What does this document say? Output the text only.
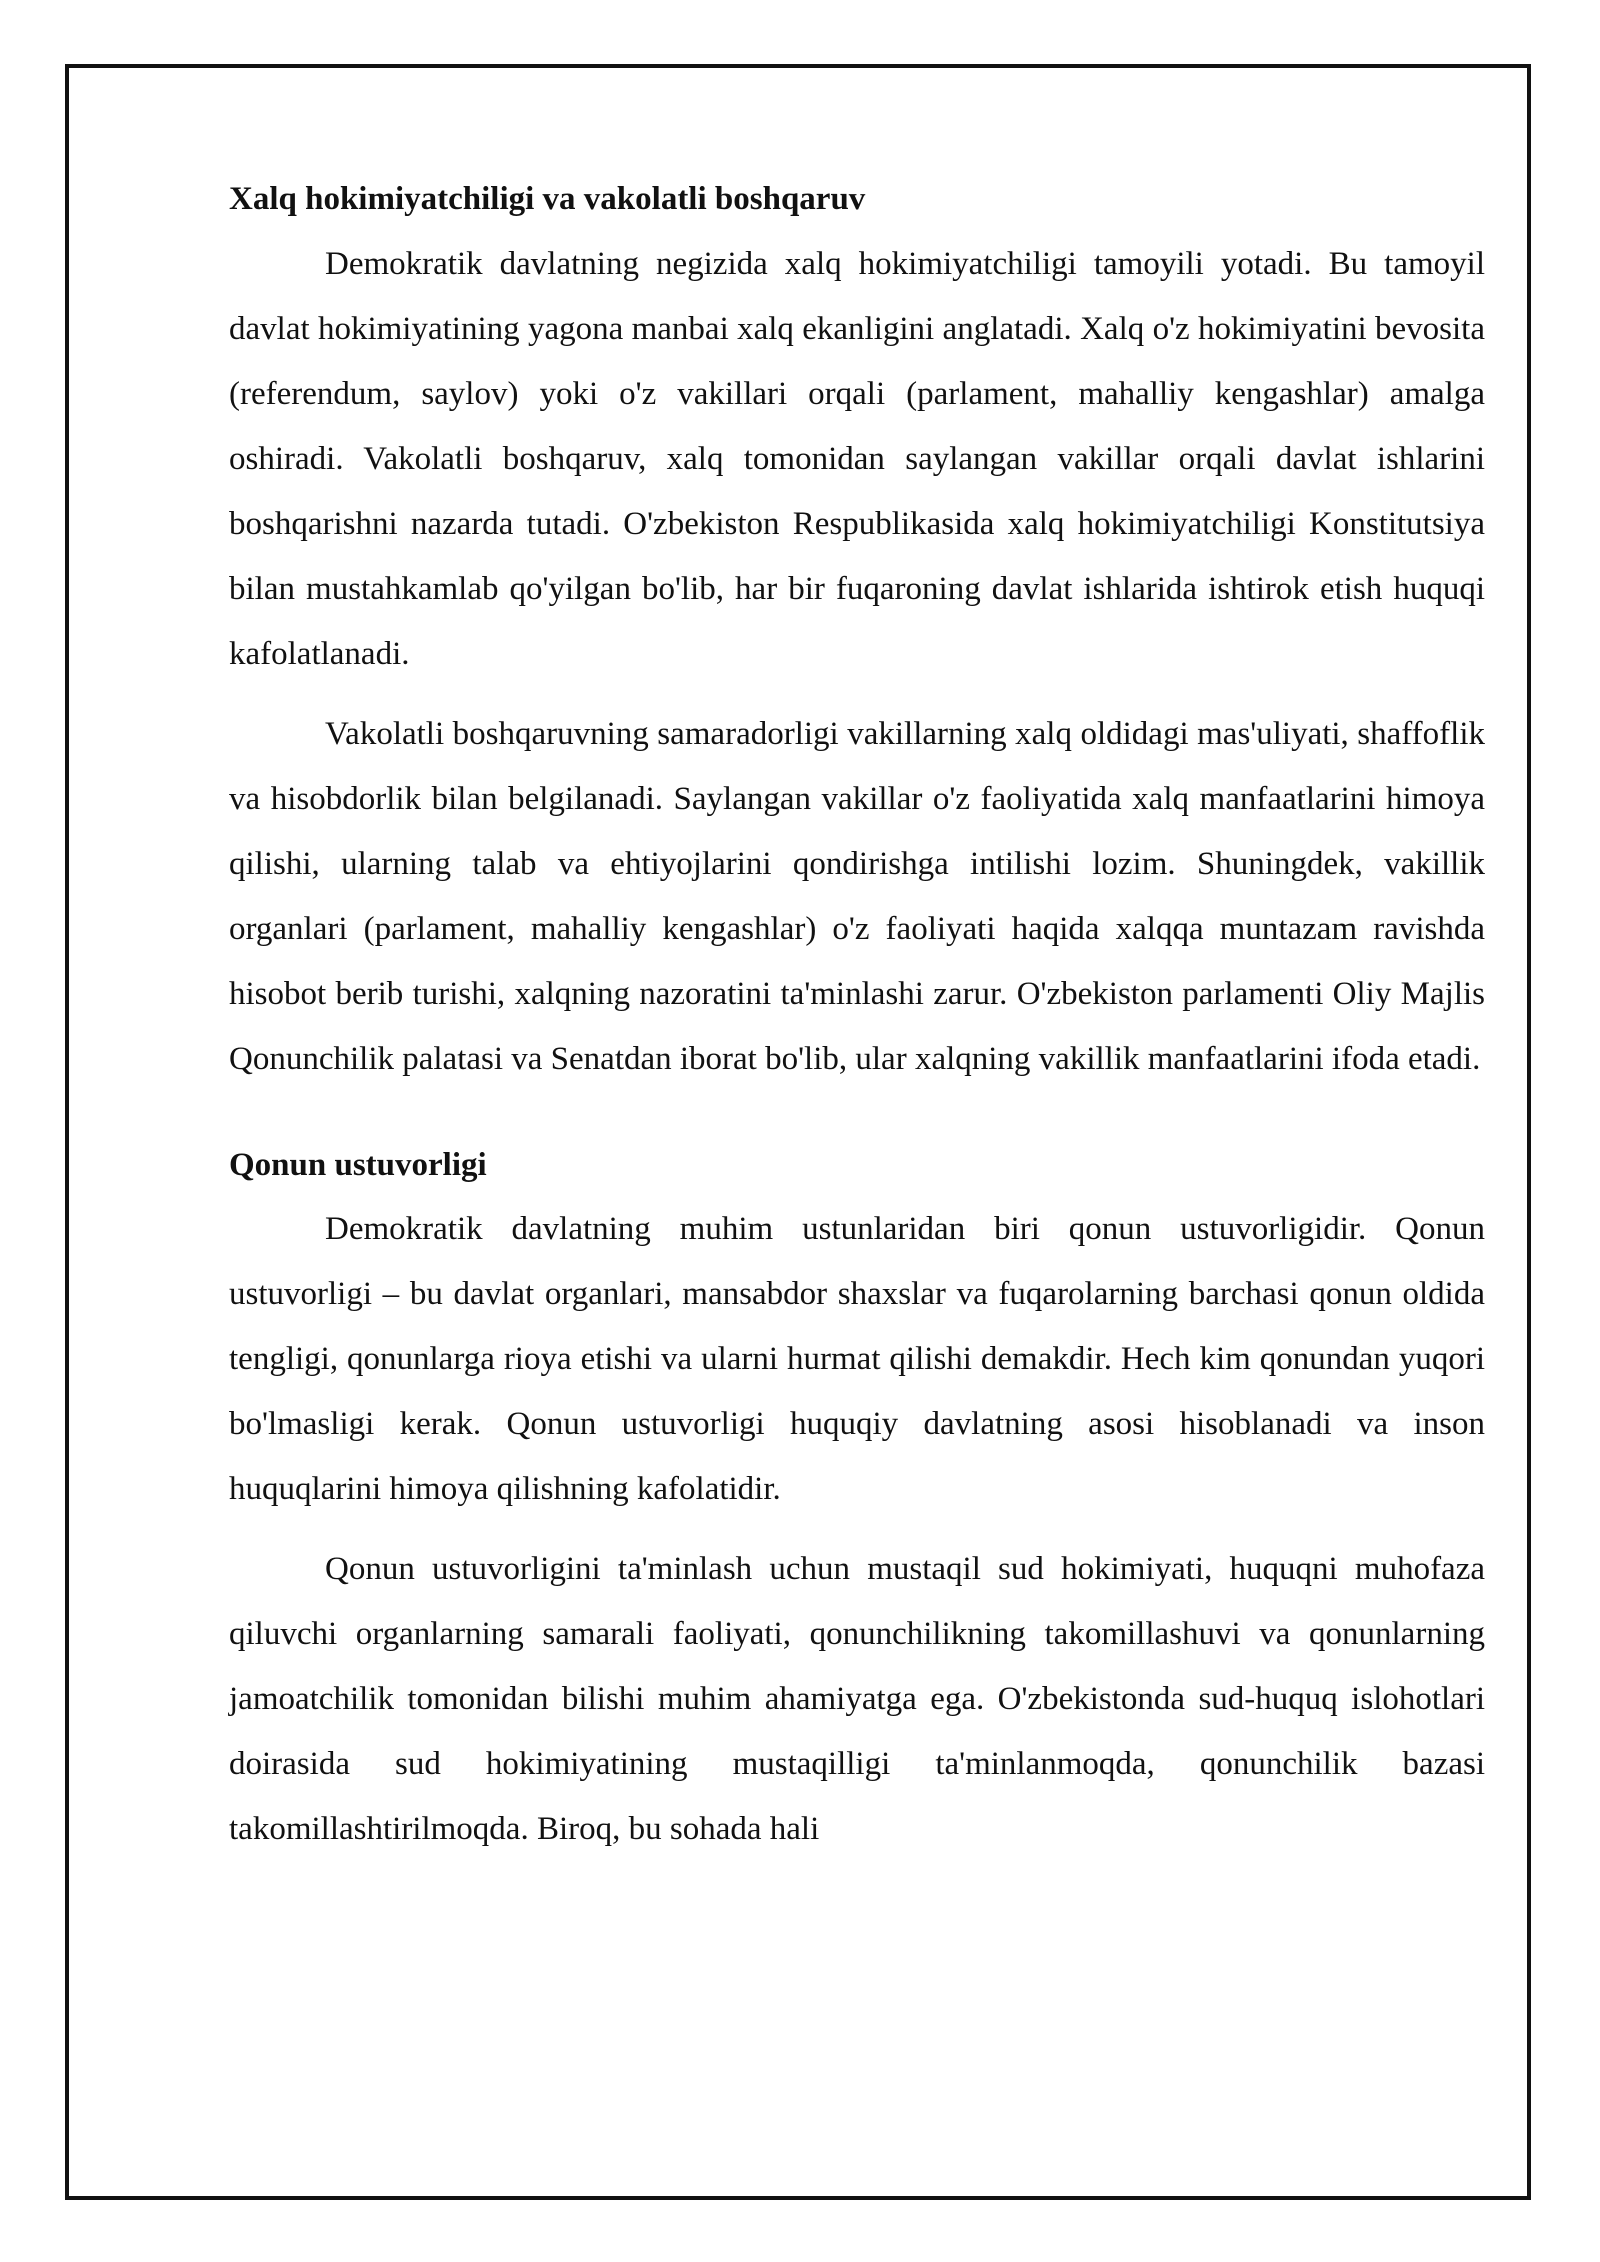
Xalq hokimiyatchiligi va vakolatli boshqaruv

Demokratik davlatning negizida xalq hokimiyatchiligi tamoyili yotadi. Bu tamoyil davlat hokimiyatining yagona manbai xalq ekanligini anglatadi. Xalq o'z hokimiyatini bevosita (referendum, saylov) yoki o'z vakillari orqali (parlament, mahalliy kengashlar) amalga oshiradi. Vakolatli boshqaruv, xalq tomonidan saylangan vakillar orqali davlat ishlarini boshqarishni nazarda tutadi. O'zbekiston Respublikasida xalq hokimiyatchiligi Konstitutsiya bilan mustahkamlab qo'yilgan bo'lib, har bir fuqaroning davlat ishlarida ishtirok etish huquqi kafolatlanadi.

Vakolatli boshqaruvning samaradorligi vakillarning xalq oldidagi mas'uliyati, shaffoflik va hisobdorlik bilan belgilanadi. Saylangan vakillar o'z faoliyatida xalq manfaatlarini himoya qilishi, ularning talab va ehtiyojlarini qondirishga intilishi lozim. Shuningdek, vakillik organlari (parlament, mahalliy kengashlar) o'z faoliyati haqida xalqqa muntazam ravishda hisobot berib turishi, xalqning nazoratini ta'minlashi zarur. O'zbekiston parlamenti Oliy Majlis Qonunchilik palatasi va Senatdan iborat bo'lib, ular xalqning vakillik manfaatlarini ifoda etadi.

Qonun ustuvorligi

Demokratik davlatning muhim ustunlaridan biri qonun ustuvorligidir. Qonun ustuvorligi – bu davlat organlari, mansabdor shaxslar va fuqarolarning barchasi qonun oldida tengligi, qonunlarga rioya etishi va ularni hurmat qilishi demakdir. Hech kim qonundan yuqori bo'lmasligi kerak. Qonun ustuvorligi huquqiy davlatning asosi hisoblanadi va inson huquqlarini himoya qilishning kafolatidir.

Qonun ustuvorligini ta'minlash uchun mustaqil sud hokimiyati, huquqni muhofaza qiluvchi organlarning samarali faoliyati, qonunchilikning takomillashuvi va qonunlarning jamoatchilik tomonidan bilishi muhim ahamiyatga ega. O'zbekistonda sud-huquq islohotlari doirasida sud hokimiyatining mustaqilligi ta'minlanmoqda, qonunchilik bazasi takomillashtirilmoqda. Biroq, bu sohada hali
